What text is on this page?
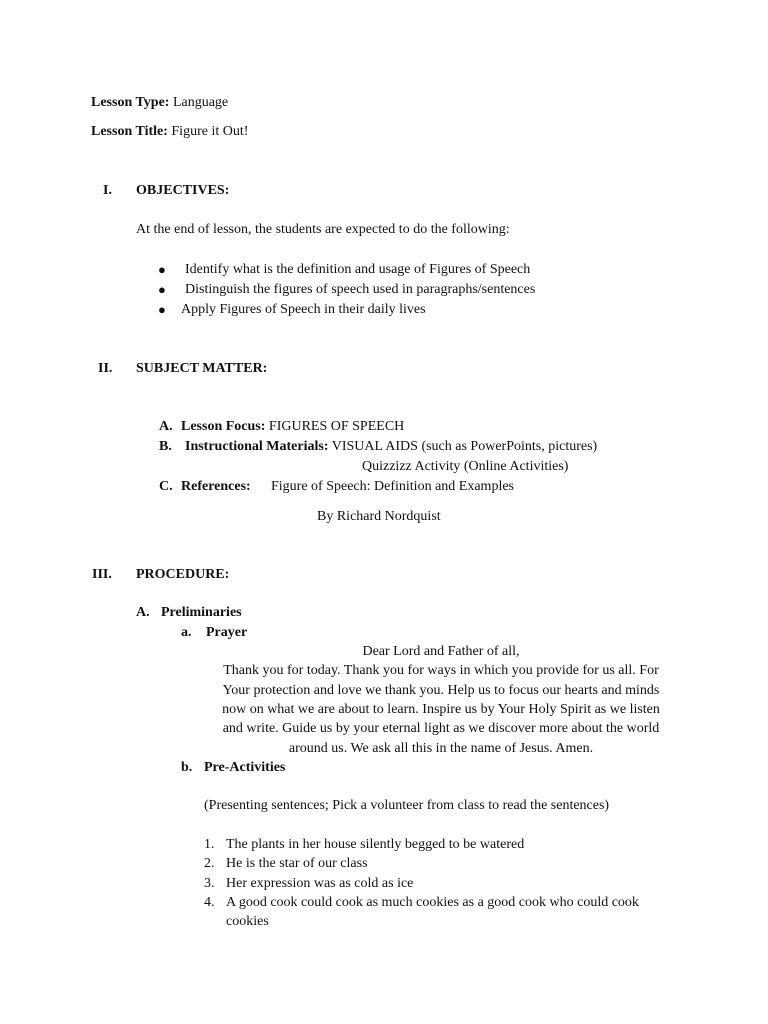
Lesson Type: Language
Lesson Title: Figure it Out!
I. OBJECTIVES:
At the end of lesson, the students are expected to do the following:
● Identify what is the definition and usage of Figures of Speech
● Distinguish the figures of speech used in paragraphs/sentences
● Apply Figures of Speech in their daily lives
II. SUBJECT MATTER:
A. Lesson Focus: FIGURES OF SPEECH
B. Instructional Materials: VISUAL AIDS (such as PowerPoints, pictures)
Quizzizz Activity (Online Activities)
C. References: Figure of Speech: Definition and Examples
By Richard Nordquist
III. PROCEDURE:
A. Preliminaries
a. Prayer
Dear Lord and Father of all,
Thank you for today. Thank you for ways in which you provide for us all. For
Your protection and love we thank you. Help us to focus our hearts and minds
now on what we are about to learn. Inspire us by Your Holy Spirit as we listen
and write. Guide us by your eternal light as we discover more about the world
around us. We ask all this in the name of Jesus. Amen.
b. Pre-Activities
(Presenting sentences; Pick a volunteer from class to read the sentences)
1. The plants in her house silently begged to be watered
2. He is the star of our class
3. Her expression was as cold as ice
4. A good cook could cook as much cookies as a good cook who could cook
cookies
